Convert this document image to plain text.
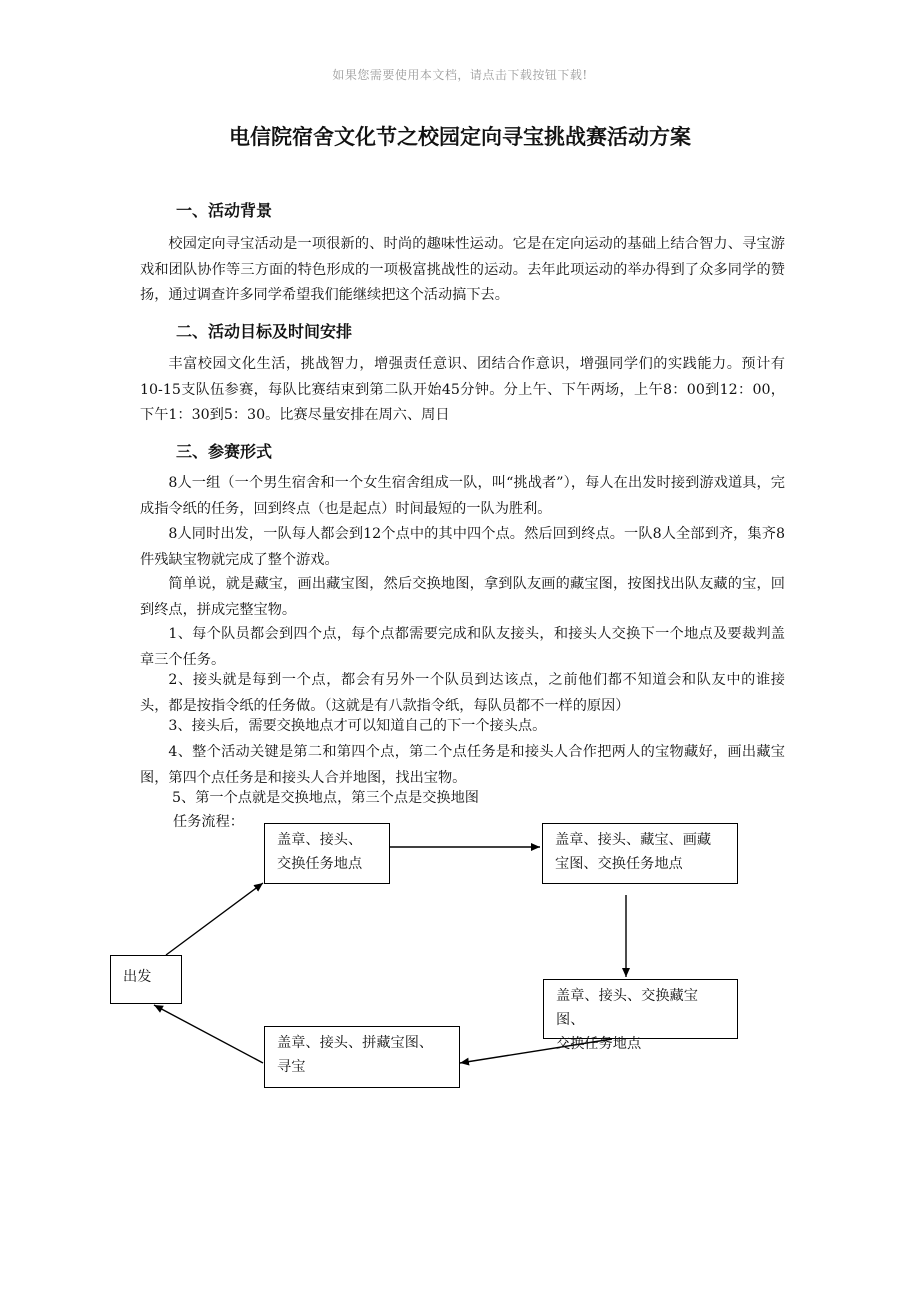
如果您需要使用本文档，请点击下载按钮下载!
电信院宿舍文化节之校园定向寻宝挑战赛活动方案
一、活动背景
校园定向寻宝活动是一项很新的、时尚的趣味性运动。它是在定向运动的基础上结合智力、寻宝游戏和团队协作等三方面的特色形成的一项极富挑战性的运动。去年此项运动的举办得到了众多同学的赞扬，通过调查许多同学希望我们能继续把这个活动搞下去。
二、活动目标及时间安排
丰富校园文化生活，挑战智力，增强责任意识、团结合作意识，增强同学们的实践能力。预计有10-15支队伍参赛，每队比赛结束到第二队开始45分钟。分上午、下午两场，上午8：00到12：00，下午1：30到5：30。比赛尽量安排在周六、周日
三、参赛形式
8人一组（一个男生宿舍和一个女生宿舍组成一队，叫“挑战者”），每人在出发时接到游戏道具，完成指令纸的任务，回到终点（也是起点）时间最短的一队为胜利。
8人同时出发，一队每人都会到12个点中的其中四个点。然后回到终点。一队8人全部到齐，集齐8件残缺宝物就完成了整个游戏。
简单说，就是藏宝，画出藏宝图，然后交换地图，拿到队友画的藏宝图，按图找出队友藏的宝，回到终点，拼成完整宝物。
1、每个队员都会到四个点，每个点都需要完成和队友接头，和接头人交换下一个地点及要裁判盖章三个任务。
2、接头就是每到一个点，都会有另外一个队员到达该点，之前他们都不知道会和队友中的谁接头，都是按指令纸的任务做。（这就是有八款指令纸，每队员都不一样的原因）
3、接头后，需要交换地点才可以知道自己的下一个接头点。
4、整个活动关键是第二和第四个点，第二个点任务是和接头人合作把两人的宝物藏好，画出藏宝图，第四个点任务是和接头人合并地图，找出宝物。
5、第一个点就是交换地点，第三个点是交换地图
任务流程：
出发
盖章、接头、
交换任务地点
盖章、接头、藏宝、画藏
宝图、交换任务地点
盖章、接头、交换藏宝图、
交换任务地点
盖章、接头、拼藏宝图、
寻宝
